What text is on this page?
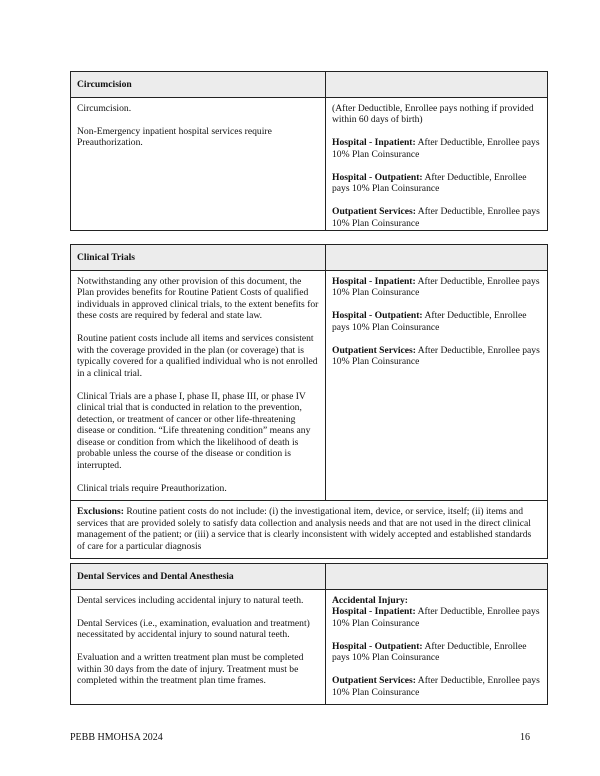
Circumcision

Circumcision.

Non-Emergency inpatient hospital services require Preauthorization.

(After Deductible, Enrollee pays nothing if provided within 60 days of birth)

Hospital - Inpatient: After Deductible, Enrollee pays 10% Plan Coinsurance

Hospital - Outpatient: After Deductible, Enrollee pays 10% Plan Coinsurance

Outpatient Services: After Deductible, Enrollee pays 10% Plan Coinsurance

Clinical Trials

Notwithstanding any other provision of this document, the Plan provides benefits for Routine Patient Costs of qualified individuals in approved clinical trials, to the extent benefits for these costs are required by federal and state law.

Routine patient costs include all items and services consistent with the coverage provided in the plan (or coverage) that is typically covered for a qualified individual who is not enrolled in a clinical trial.

Clinical Trials are a phase I, phase II, phase III, or phase IV clinical trial that is conducted in relation to the prevention, detection, or treatment of cancer or other life-threatening disease or condition. “Life threatening condition” means any disease or condition from which the likelihood of death is probable unless the course of the disease or condition is interrupted.

Clinical trials require Preauthorization.

Hospital - Inpatient: After Deductible, Enrollee pays 10% Plan Coinsurance

Hospital - Outpatient: After Deductible, Enrollee pays 10% Plan Coinsurance

Outpatient Services: After Deductible, Enrollee pays 10% Plan Coinsurance

Exclusions: Routine patient costs do not include: (i) the investigational item, device, or service, itself; (ii) items and services that are provided solely to satisfy data collection and analysis needs and that are not used in the direct clinical management of the patient; or (iii) a service that is clearly inconsistent with widely accepted and established standards of care for a particular diagnosis
Dental Services and Dental Anesthesia

Dental services including accidental injury to natural teeth.

Dental Services (i.e., examination, evaluation and treatment) necessitated by accidental injury to sound natural teeth.

Evaluation and a written treatment plan must be completed within 30 days from the date of injury. Treatment must be completed within the treatment plan time frames.

Accidental Injury:

Hospital - Inpatient: After Deductible, Enrollee pays 10% Plan Coinsurance

Hospital - Outpatient: After Deductible, Enrollee pays 10% Plan Coinsurance

Outpatient Services: After Deductible, Enrollee pays 10% Plan Coinsurance

PEBB HMOHSA 2024	16
